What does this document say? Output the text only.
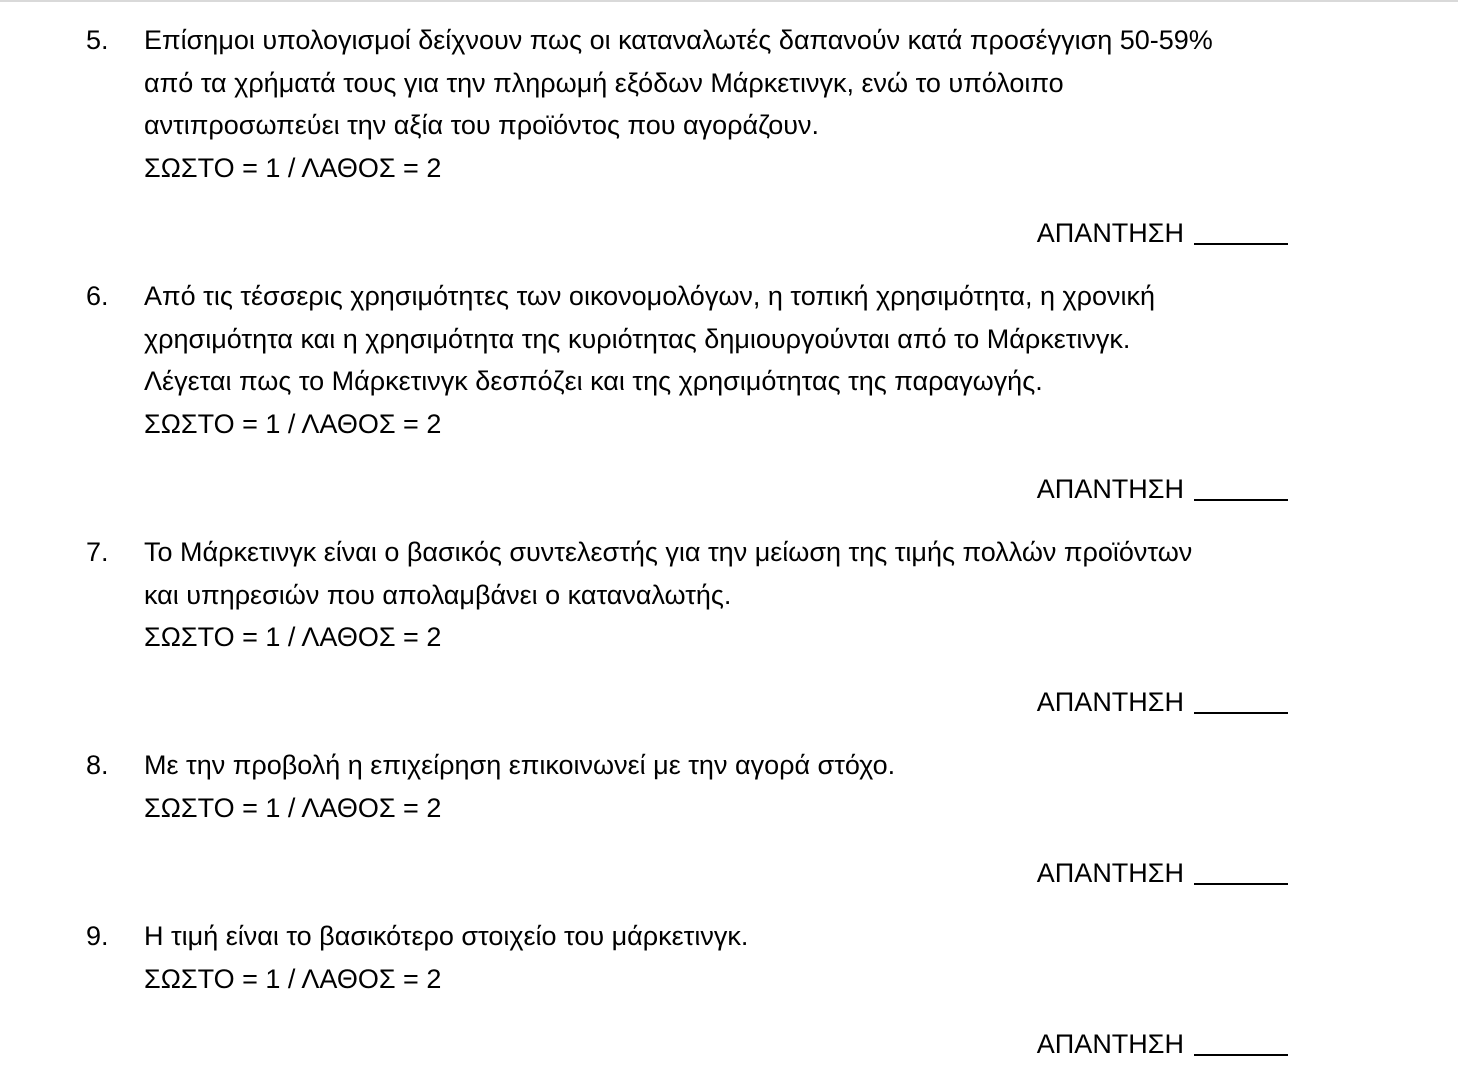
5.	Επίσημοι υπολογισμοί δείχνουν πως οι καταναλωτές δαπανούν κατά προσέγγιση 50-59%
από τα χρήματά τους για την πληρωμή εξόδων Μάρκετινγκ, ενώ το υπόλοιπο
αντιπροσωπεύει την αξία του προϊόντος που αγοράζουν.
ΣΩΣΤΟ = 1 / ΛΑΘΟΣ = 2
ΑΠΑΝΤΗΣΗ
6.	Από τις τέσσερις χρησιμότητες των οικονομολόγων, η τοπική χρησιμότητα, η χρονική
χρησιμότητα και η χρησιμότητα της κυριότητας δημιουργούνται από το Μάρκετινγκ.
Λέγεται πως το Μάρκετινγκ δεσπόζει και της χρησιμότητας της παραγωγής.
ΣΩΣΤΟ = 1 / ΛΑΘΟΣ = 2
ΑΠΑΝΤΗΣΗ
7.	Το Μάρκετινγκ είναι ο βασικός συντελεστής για την μείωση της τιμής πολλών προϊόντων
και υπηρεσιών που απολαμβάνει ο καταναλωτής.
ΣΩΣΤΟ = 1 / ΛΑΘΟΣ = 2
ΑΠΑΝΤΗΣΗ
8.	Με την προβολή η επιχείρηση επικοινωνεί με την αγορά στόχο.
ΣΩΣΤΟ = 1 / ΛΑΘΟΣ = 2
ΑΠΑΝΤΗΣΗ
9.	Η τιμή είναι το βασικότερο στοιχείο του μάρκετινγκ.
ΣΩΣΤΟ = 1 / ΛΑΘΟΣ = 2
ΑΠΑΝΤΗΣΗ
